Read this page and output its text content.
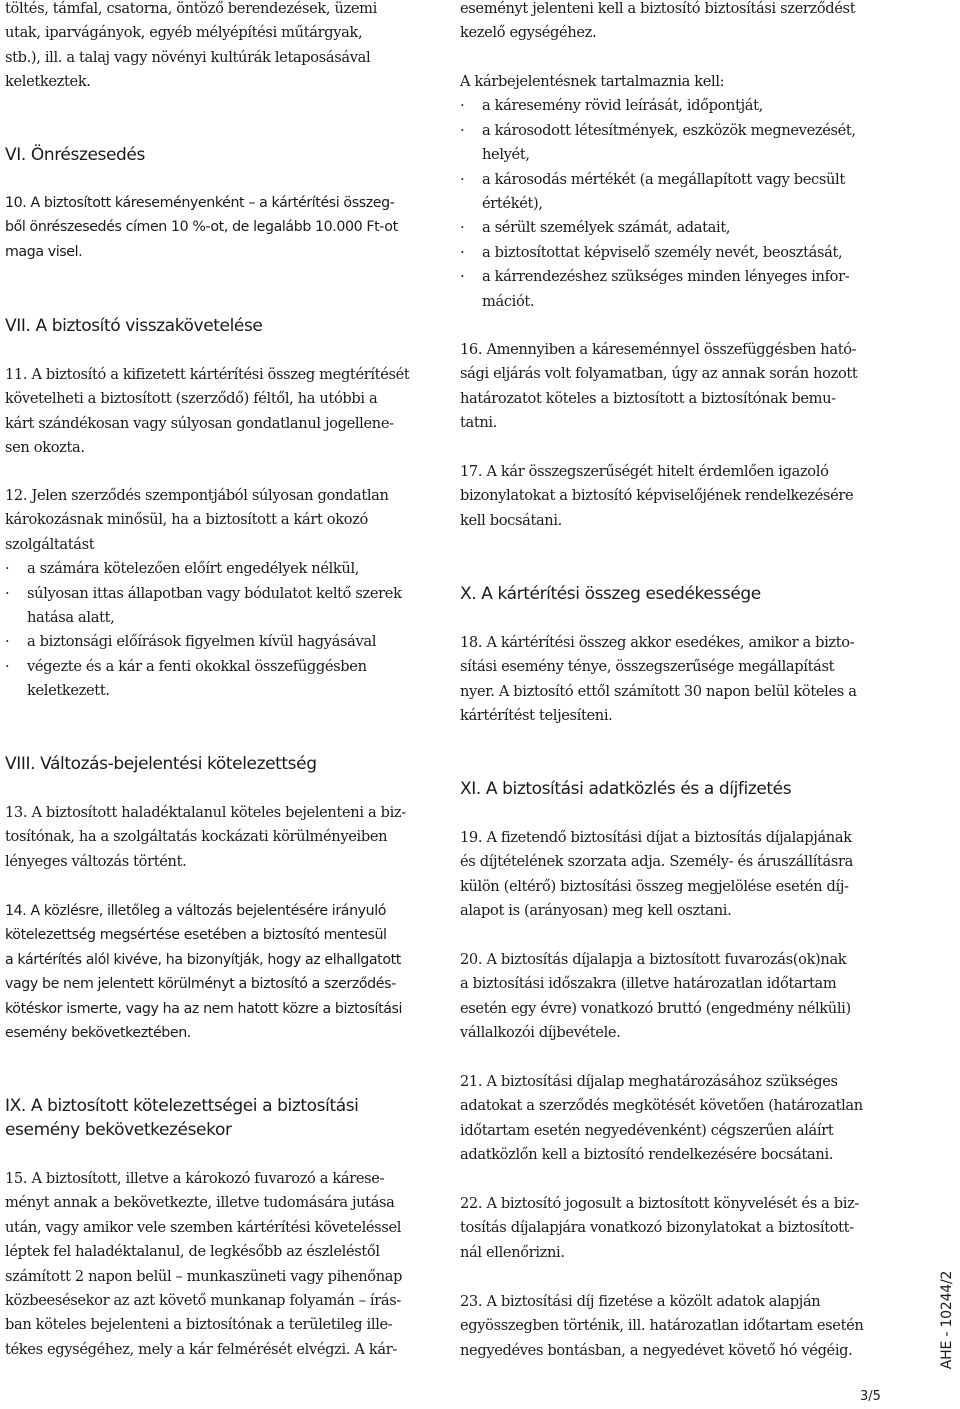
töltés, támfal, csatorna, öntöző berendezések, üzemi

utak, iparvágányok, egyéb mélyépítési műtárgyak,

stb.), ill. a talaj vagy növényi kultúrák letaposásával

keletkeztek.

VI. Önrészesedés

10. A biztosított káreseményenként – a kártérítési összeg-

ből önrészesedés címen 10 %-ot, de legalább 10.000 Ft-ot

maga visel.

VII. A biztosító visszakövetelése

11. A biztosító a kifizetett kártérítési összeg megtérítését

követelheti a biztosított (szerződő) féltől, ha utóbbi a

kárt szándékosan vagy súlyosan gondatlanul jogellene-

sen okozta.

12. Jelen szerződés szempontjából súlyosan gondatlan

károkozásnak minősül, ha a biztosított a kárt okozó

szolgáltatást

· a számára kötelezően előírt engedélyek nélkül,
· súlyosan ittas állapotban vagy bódulatot keltő szerek
hatása alatt,
· a biztonsági előírások figyelmen kívül hagyásával
· végezte és a kár a fenti okokkal összefüggésben
keletkezett.

VIII. Változás-bejelentési kötelezettség

13. A biztosított haladéktalanul köteles bejelenteni a biz-

tosítónak, ha a szolgáltatás kockázati körülményeiben

lényeges változás történt.

14. A közlésre, illetőleg a változás bejelentésére irányuló

kötelezettség megsértése esetében a biztosító mentesül

a kártérítés alól kivéve, ha bizonyítják, hogy az elhallgatott

vagy be nem jelentett körülményt a biztosító a szerződés-

kötéskor ismerte, vagy ha az nem hatott közre a biztosítási

esemény bekövetkeztében.

IX. A biztosított kötelezettségei a biztosítási

esemény bekövetkezésekor

15. A biztosított, illetve a károkozó fuvarozó a kárese-

ményt annak a bekövetkezte, illetve tudomására jutása

után, vagy amikor vele szemben kártérítési követeléssel

léptek fel haladéktalanul, de legkésőbb az észleléstől

számított 2 napon belül – munkaszüneti vagy pihenőnap

közbeesésekor az azt követő munkanap folyamán – írás-

ban köteles bejelenteni a biztosítónak a területileg ille-

tékes egységéhez, mely a kár felmérését elvégzi. A kár-

eseményt jelenteni kell a biztosító biztosítási szerződést

kezelő egységéhez.

A kárbejelentésnek tartalmaznia kell:

· a káresemény rövid leírását, időpontját,
· a károsodott létesítmények, eszközök megnevezését,
helyét,
· a károsodás mértékét (a megállapított vagy becsült
értékét),
· a sérült személyek számát, adatait,
· a biztosítottat képviselő személy nevét, beosztását,
· a kárrendezéshez szükséges minden lényeges infor-
mációt.

16. Amennyiben a káreseménnyel összefüggésben ható-

sági eljárás volt folyamatban, úgy az annak során hozott

határozatot köteles a biztosított a biztosítónak bemu-

tatni.

17. A kár összegszerűségét hitelt érdemlően igazoló

bizonylatokat a biztosító képviselőjének rendelkezésére

kell bocsátani.

X. A kártérítési összeg esedékessége

18. A kártérítési összeg akkor esedékes, amikor a bizto-

sítási esemény ténye, összegszerűsége megállapítást

nyer. A biztosító ettől számított 30 napon belül köteles a

kártérítést teljesíteni.

XI. A biztosítási adatközlés és a díjfizetés

19. A fizetendő biztosítási díjat a biztosítás díjalapjának

és díjtételének szorzata adja. Személy- és áruszállításra

külön (eltérő) biztosítási összeg megjelölése esetén díj-

alapot is (arányosan) meg kell osztani.

20. A biztosítás díjalapja a biztosított fuvarozás(ok)nak

a biztosítási időszakra (illetve határozatlan időtartam

esetén egy évre) vonatkozó bruttó (engedmény nélküli)

vállalkozói díjbevétele.

21. A biztosítási díjalap meghatározásához szükséges

adatokat a szerződés megkötését követően (határozatlan

időtartam esetén negyedévenként) cégszerűen aláírt

adatközlőn kell a biztosító rendelkezésére bocsátani.

22. A biztosító jogosult a biztosított könyvelését és a biz-

tosítás díjalapjára vonatkozó bizonylatokat a biztosított-

nál ellenőrizni.

23. A biztosítási díj fizetése a közölt adatok alapján

egyösszegben történik, ill. határozatlan időtartam esetén

negyedéves bontásban, a negyedévet követő hó végéig.	AHE - 10244/2
3/5
